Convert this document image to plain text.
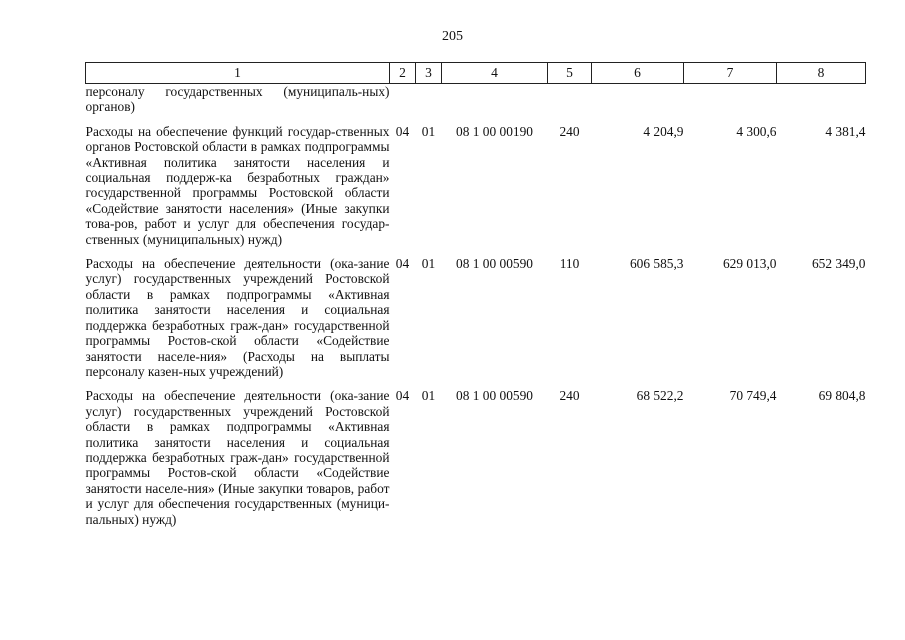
205
1	2	3	4	5	6	7	8
персоналу государственных (муниципаль-ных) органов)							

Расходы на обеспечение функций государ-ственных органов Ростовской области в рамках подпрограммы «Активная политика занятости населения и социальная поддерж-ка безработных граждан» государственной программы Ростовской области «Содействие занятости населения» (Иные закупки това-ров, работ и услуг для обеспечения государ-ственных (муниципальных) нужд)	04	01	08 1 00 00190	240	4 204,9	4 300,6	4 381,4

Расходы на обеспечение деятельности (ока-зание услуг) государственных учреждений Ростовской области в рамках подпрограммы «Активная политика занятости населения и социальная поддержка безработных граж-дан» государственной программы Ростов-ской области «Содействие занятости населе-ния» (Расходы на выплаты персоналу казен-ных учреждений)	04	01	08 1 00 00590	110	606 585,3	629 013,0	652 349,0

Расходы на обеспечение деятельности (ока-зание услуг) государственных учреждений Ростовской области в рамках подпрограммы «Активная политика занятости населения и социальная поддержка безработных граж-дан» государственной программы Ростов-ской области «Содействие занятости населе-ния» (Иные закупки товаров, работ и услуг для обеспечения государственных (муници-пальных) нужд)	04	01	08 1 00 00590	240	68 522,2	70 749,4	69 804,8
